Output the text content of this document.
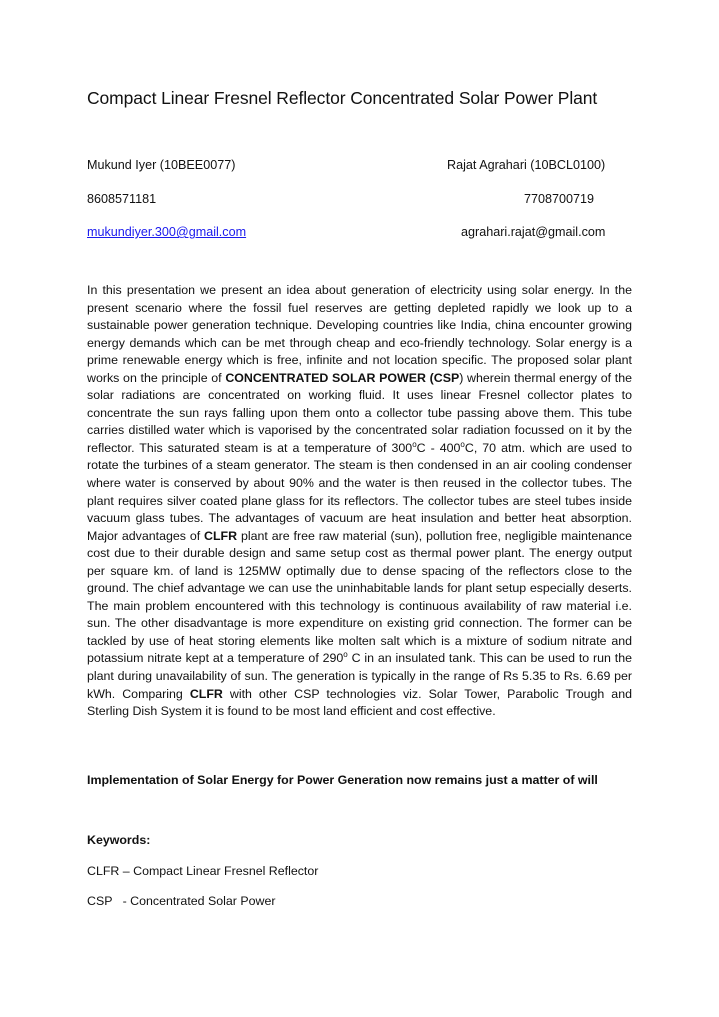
Compact Linear Fresnel Reflector Concentrated Solar Power Plant
Mukund Iyer (10BEE0077)	Rajat Agrahari (10BCL0100)
8608571181	7708700719
mukundiyer.300@gmail.com	agrahari.rajat@gmail.com
In this presentation we present an idea about generation of electricity using solar energy. In the present scenario where the fossil fuel reserves are getting depleted rapidly we look up to a sustainable power generation technique. Developing countries like India, china encounter growing energy demands which can be met through cheap and eco-friendly technology. Solar energy is a prime renewable energy which is free, infinite and not location specific. The proposed solar plant works on the principle of CONCENTRATED SOLAR POWER (CSP) wherein thermal energy of the solar radiations are concentrated on working fluid. It uses linear Fresnel collector plates to concentrate the sun rays falling upon them onto a collector tube passing above them. This tube carries distilled water which is vaporised by the concentrated solar radiation focussed on it by the reflector. This saturated steam is at a temperature of 300$^o$C - 400$^o$C, 70 atm. which are used to rotate the turbines of a steam generator. The steam is then condensed in an air cooling condenser where water is conserved by about 90% and the water is then reused in the collector tubes. The plant requires silver coated plane glass for its reflectors. The collector tubes are steel tubes inside vacuum glass tubes. The advantages of vacuum are heat insulation and better heat absorption. Major advantages of CLFR plant are free raw material (sun), pollution free, negligible maintenance cost due to their durable design and same setup cost as thermal power plant. The energy output per square km. of land is 125MW optimally due to dense spacing of the reflectors close to the ground. The chief advantage we can use the uninhabitable lands for plant setup especially deserts. The main problem encountered with this technology is continuous availability of raw material i.e. sun. The other disadvantage is more expenditure on existing grid connection. The former can be tackled by use of heat storing elements like molten salt which is a mixture of sodium nitrate and potassium nitrate kept at a temperature of 290$^o$ C in an insulated tank. This can be used to run the plant during unavailability of sun. The generation is typically in the range of Rs 5.35 to Rs. 6.69 per kWh. Comparing CLFR with other CSP technologies viz. Solar Tower, Parabolic Trough and Sterling Dish System it is found to be most land efficient and cost effective.
Implementation of Solar Energy for Power Generation now remains just a matter of will
Keywords:
CLFR – Compact Linear Fresnel Reflector
CSP   - Concentrated Solar Power
